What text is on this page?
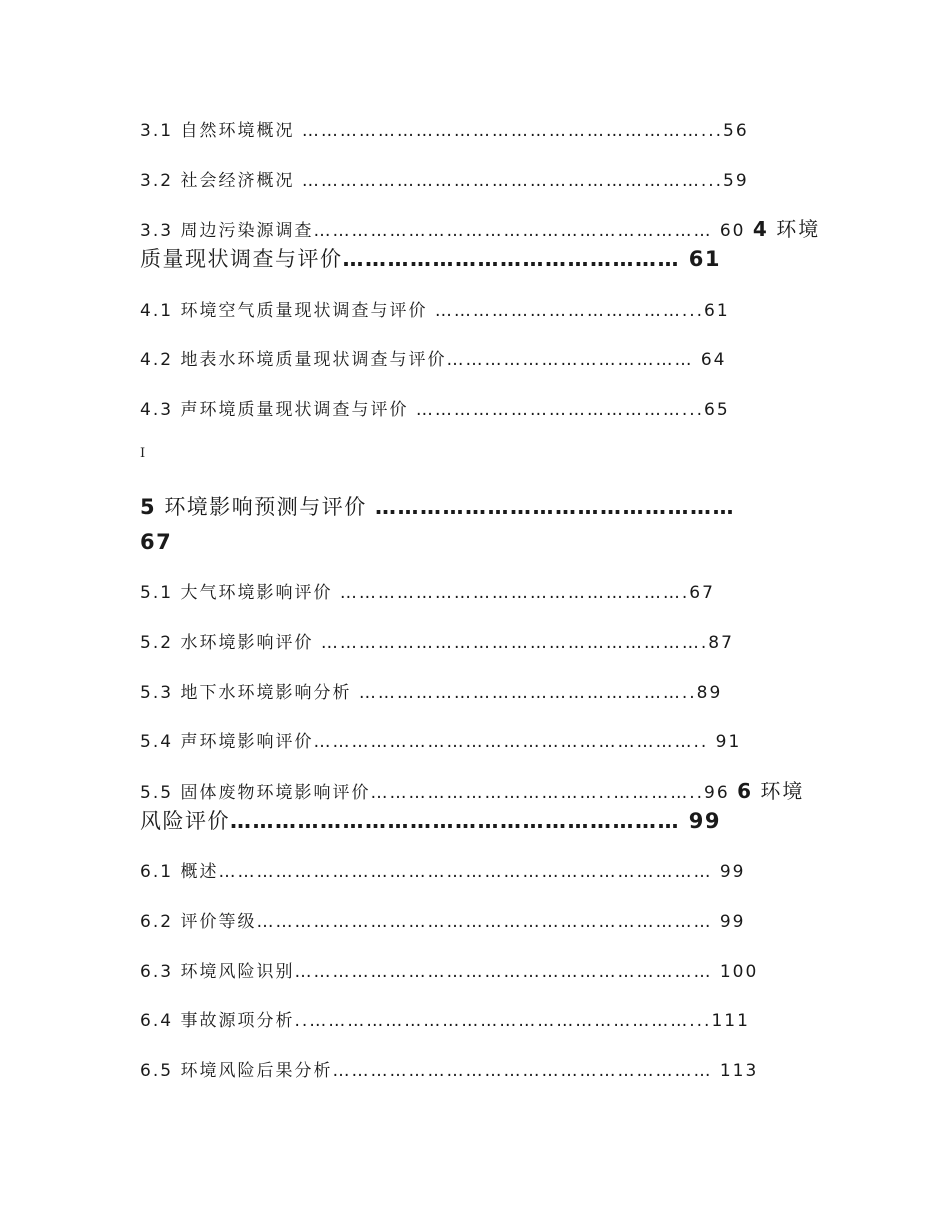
3.1 自然环境概况 ………………………………………………………...56
3.2 社会经济概况 ………………………………………………………...59
3.3 周边污染源调查……………………………………………………… 60 4 环境
质量现状调查与评价……………………………………… 61
4.1 环境空气质量现状调查与评价 …………………………………...61
4.2 地表水环境质量现状调查与评价………………………………… 64
4.3 声环境质量现状调查与评价 ……………………………………...65
I
5 环境影响预测与评价 …………………………………………
67
5.1 大气环境影响评价 ……………………………………………….67
5.2 水环境影响评价 …………………………………………………….87
5.3 地下水环境影响分析 ……………………………………………..89
5.4 声环境影响评价…………………………………………………….. 91
5.5 固体废物环境影响评价………………………………..…………..96 6 环境
风险评价…………………………………………………… 99
6.1 概述…………………………………………………………………… 99
6.2 评价等级……………………………………………………………… 99
6.3 环境风险识别………………………………………………………… 100
6.4 事故源项分析..……………………………………………………...111
6.5 环境风险后果分析…………………………………………………… 113
